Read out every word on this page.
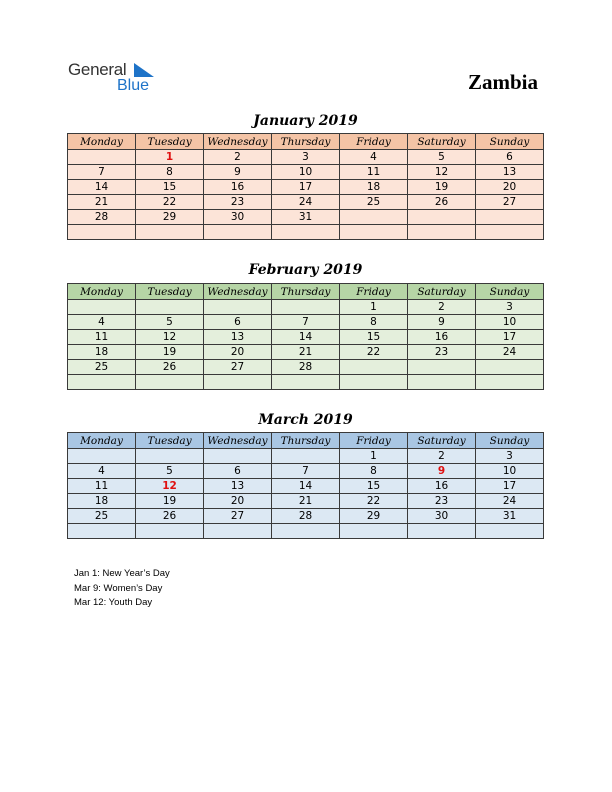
General
Blue	Zambia
January 2019
Monday	Tuesday	Wednesday	Thursday	Friday	Saturday	Sunday
	1	2	3	4	5	6
7	8	9	10	11	12	13
14	15	16	17	18	19	20
21	22	23	24	25	26	27
28	29	30	31			

February 2019
Monday	Tuesday	Wednesday	Thursday	Friday	Saturday	Sunday
				1	2	3
4	5	6	7	8	9	10
11	12	13	14	15	16	17
18	19	20	21	22	23	24
25	26	27	28			

March 2019
Monday	Tuesday	Wednesday	Thursday	Friday	Saturday	Sunday
				1	2	3
4	5	6	7	8	9	10
11	12	13	14	15	16	17
18	19	20	21	22	23	24
25	26	27	28	29	30	31

Jan 1: New Year’s Day
Mar 9: Women’s Day
Mar 12: Youth Day
